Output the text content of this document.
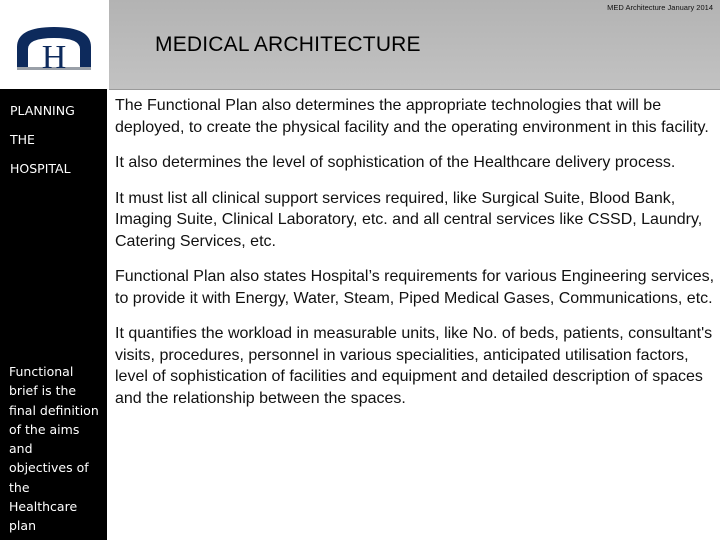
H
MED Architecture January 2014
MEDICAL ARCHITECTURE
PLANNING
THE
HOSPITAL
Functional brief is the final definition of the aims and objectives of the Healthcare plan

The Functional Plan also determines the appropriate technologies that will be deployed, to create the physical facility and the operating environment in this facility.

It also determines the level of sophistication of the Healthcare delivery process.

It must list all clinical support services required, like Surgical Suite, Blood Bank, Imaging Suite, Clinical Laboratory, etc. and all central services like CSSD, Laundry, Catering Services, etc.

Functional Plan also states Hospital’s requirements for various Engineering services, to provide it with Energy, Water, Steam, Piped Medical Gases, Communications, etc.

It quantifies the workload in measurable units, like No. of beds, patients, consultant's visits, procedures, personnel in various specialities, anticipated utilisation factors, level of sophistication of facilities and equipment and detailed description of spaces and the relationship between the spaces.
